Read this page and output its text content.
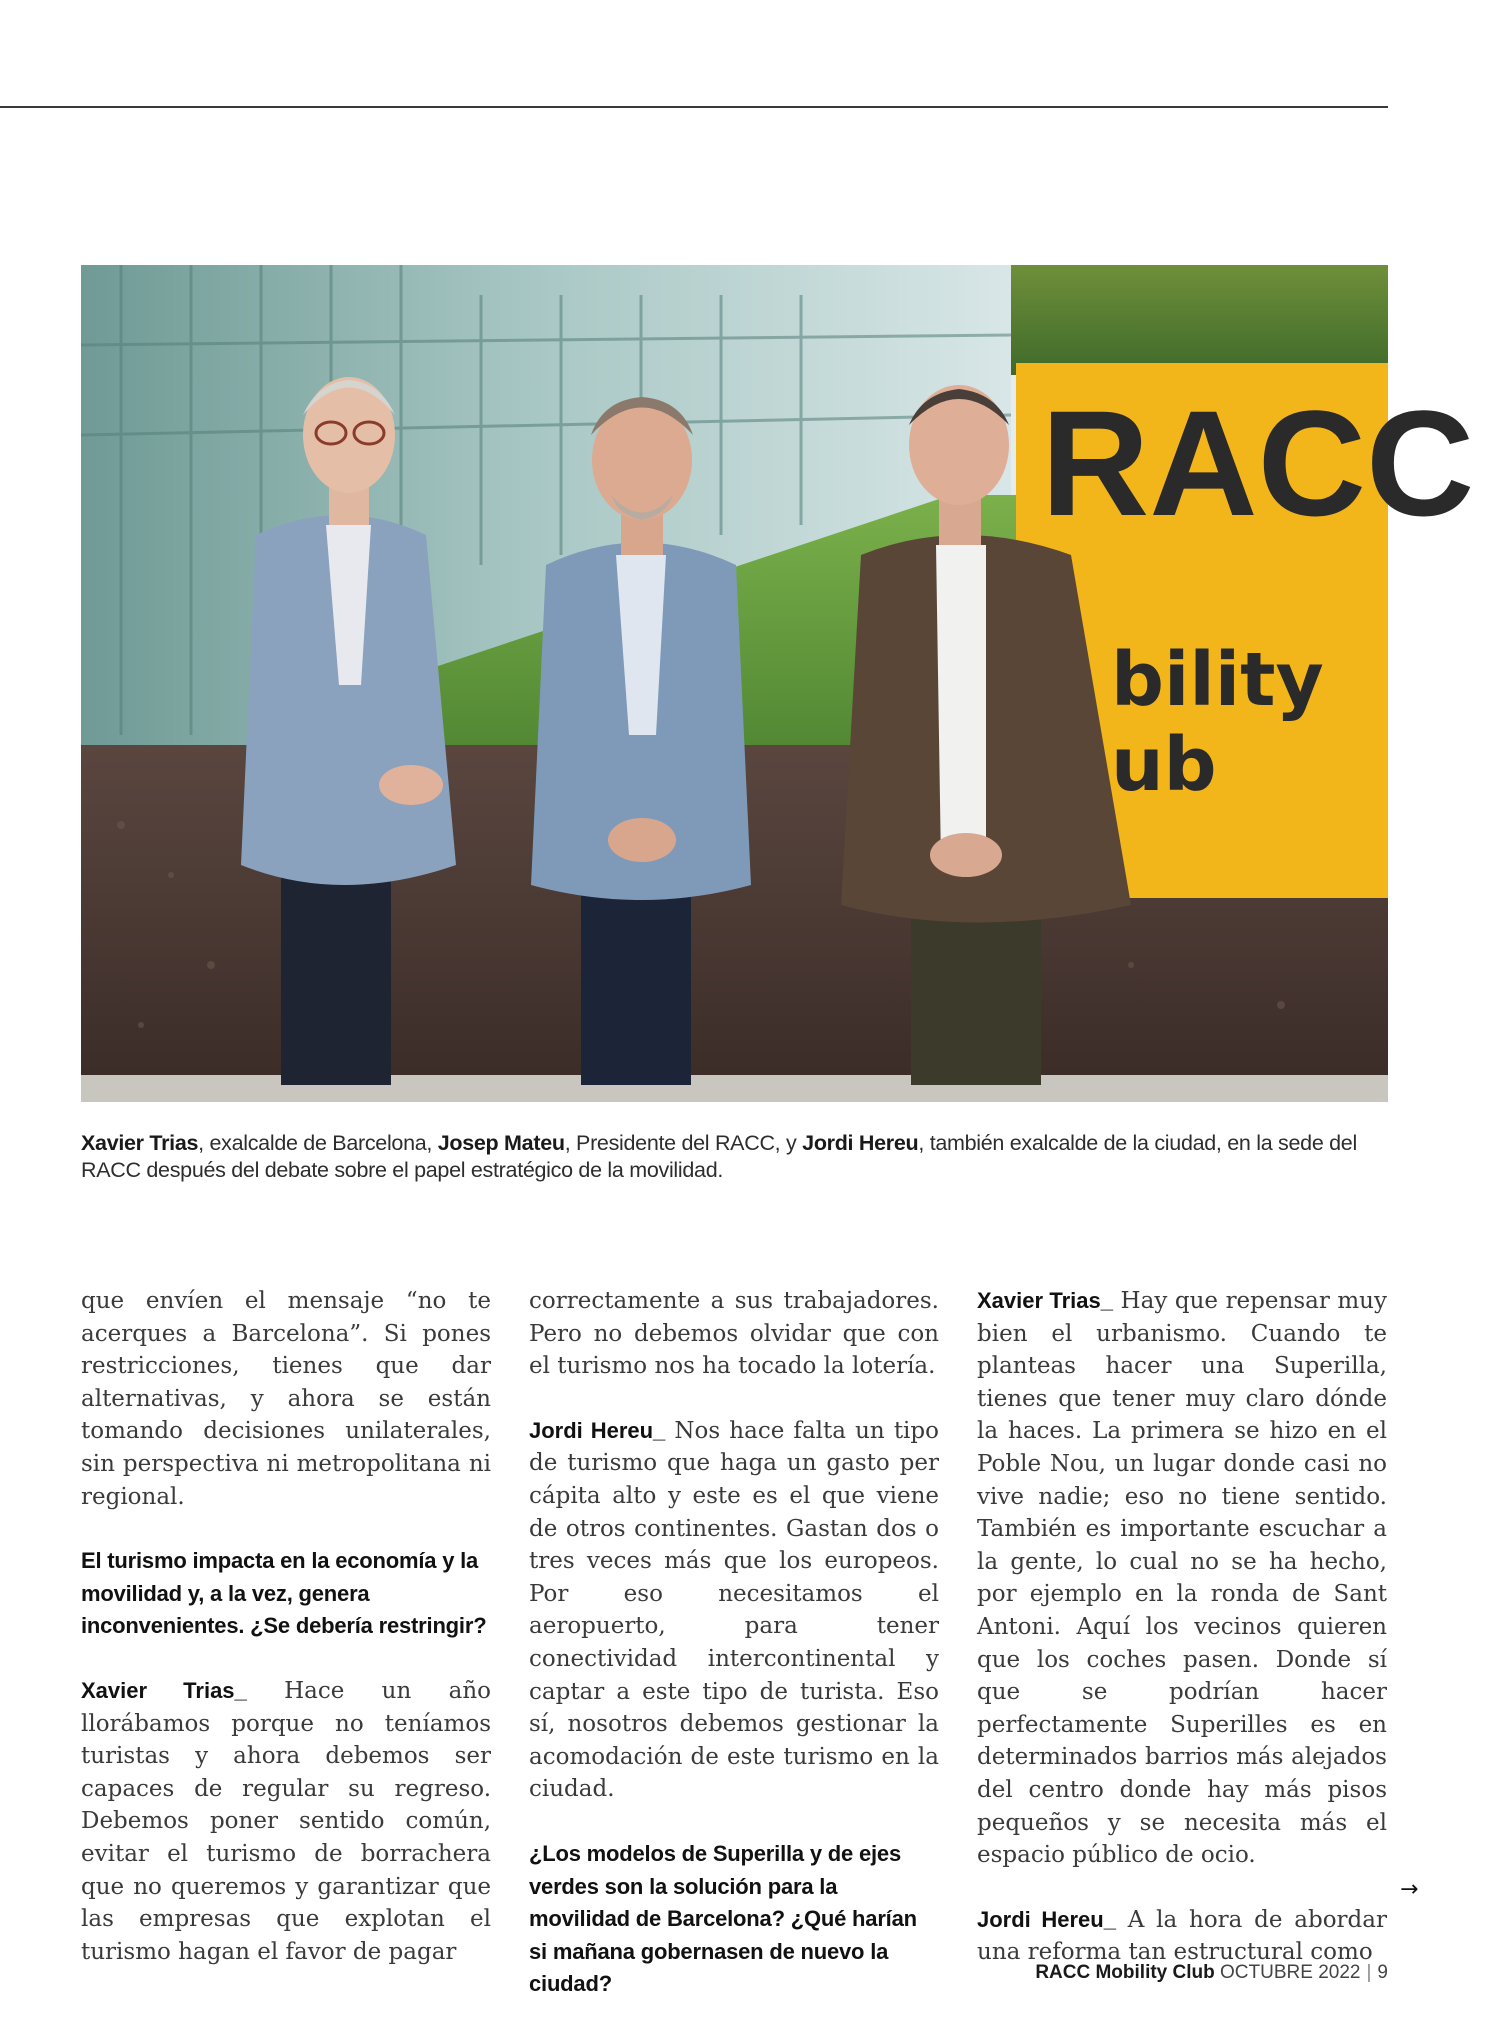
RACC
bility
ub
Xavier Trias, exalcalde de Barcelona, Josep Mateu, Presidente del RACC, y Jordi Hereu, también exalcalde de la ciudad, en la sede del RACC después del debate sobre el papel estratégico de la movilidad.

que envíen el mensaje “no te acerques a Barcelona”. Si pones restricciones, tienes que dar alternativas, y ahora se están tomando decisiones unilaterales, sin perspectiva ni metropolitana ni regional.

El turismo impacta en la economía y la movilidad y, a la vez, genera inconvenientes. ¿Se debería restringir?

Xavier Trias_ Hace un año llorábamos porque no teníamos turistas y ahora debemos ser capaces de regular su regreso. Debemos poner sentido común, evitar el turismo de borrachera que no queremos y garantizar que las empresas que explotan el turismo hagan el favor de pagar

correctamente a sus trabajadores. Pero no debemos olvidar que con el turismo nos ha tocado la lotería.

Jordi Hereu_ Nos hace falta un tipo de turismo que haga un gasto per cápita alto y este es el que viene de otros continentes. Gastan dos o tres veces más que los europeos. Por eso necesitamos el aeropuerto, para tener conectividad intercontinental y captar a este tipo de turista. Eso sí, nosotros debemos gestionar la acomodación de este turismo en la ciudad.

¿Los modelos de Superilla y de ejes verdes son la solución para la movilidad de Barcelona? ¿Qué harían si mañana gobernasen de nuevo la ciudad?

Xavier Trias_ Hay que repensar muy bien el urbanismo. Cuando te planteas hacer una Superilla, tienes que tener muy claro dónde la haces. La primera se hizo en el Poble Nou, un lugar donde casi no vive nadie; eso no tiene sentido. También es importante escuchar a la gente, lo cual no se ha hecho, por ejemplo en la ronda de Sant Antoni. Aquí los vecinos quieren que los coches pasen. Donde sí que se podrían hacer perfectamente Superilles es en determinados barrios más alejados del centro donde hay más pisos pequeños y se necesita más el espacio público de ocio.

Jordi Hereu_ A la hora de abordar una reforma tan estructural como

→
RACC Mobility Club OCTUBRE 2022 | 9
